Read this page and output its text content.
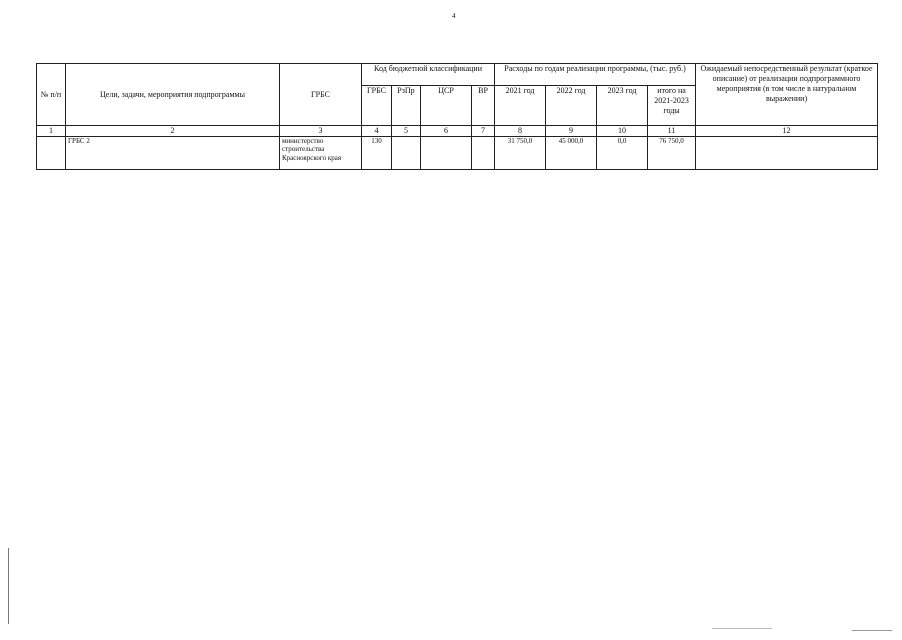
4
№ п/п	Цели, задачи, мероприятия подпрограммы	ГРБС	Код бюджетной классификации				Расходы по годам реализации программы, (тыс. руб.)				Ожидаемый непосредственный результат (краткое описание) от реализации подпрограммного мероприятия (в том числе в натуральном выражении)
			ГРБС	РзПр	ЦСР	ВР	2021 год	2022 год	2023 год	итого на 2021-2023 годы	
1	2	3	4	5	6	7	8	9	10	11	12
	ГРБС 2	министерство строительства Красноярского края	130				31 750,0	45 000,0	0,0	76 750,0	
